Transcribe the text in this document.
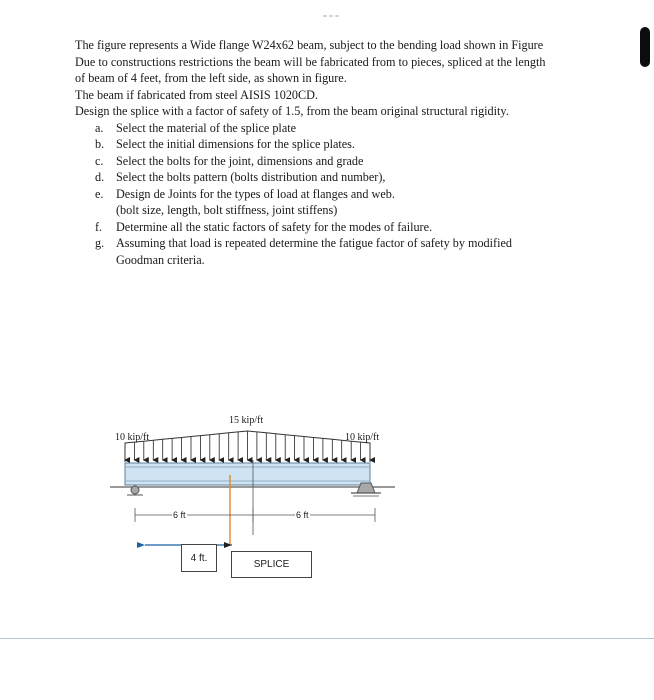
The figure represents a Wide flange W24x62 beam, subject to the bending load shown in Figure
Due to constructions restrictions the beam will be fabricated from to pieces, spliced at the length
of beam of 4 feet, from the left side, as shown in figure.
The beam if fabricated from steel AISIS 1020CD.
Design the splice with a factor of safety of 1.5, from the beam original structural rigidity.
a. Select the material of the splice plate
b. Select the initial dimensions for the splice plates.
c. Select the bolts for the joint, dimensions and grade
d. Select the bolts pattern (bolts distribution and number),
e. Design de Joints for the types of load at flanges and web.
(bolt size, length, bolt stiffness, joint stiffens)
f. Determine all the static factors of safety for the modes of failure.
g. Assuming that load is repeated determine the fatigue factor of safety by modified
Goodman criteria.
10 kip/ft
15 kip/ft
10 kip/ft
6 ft	6 ft
4 ft.
SPLICE
